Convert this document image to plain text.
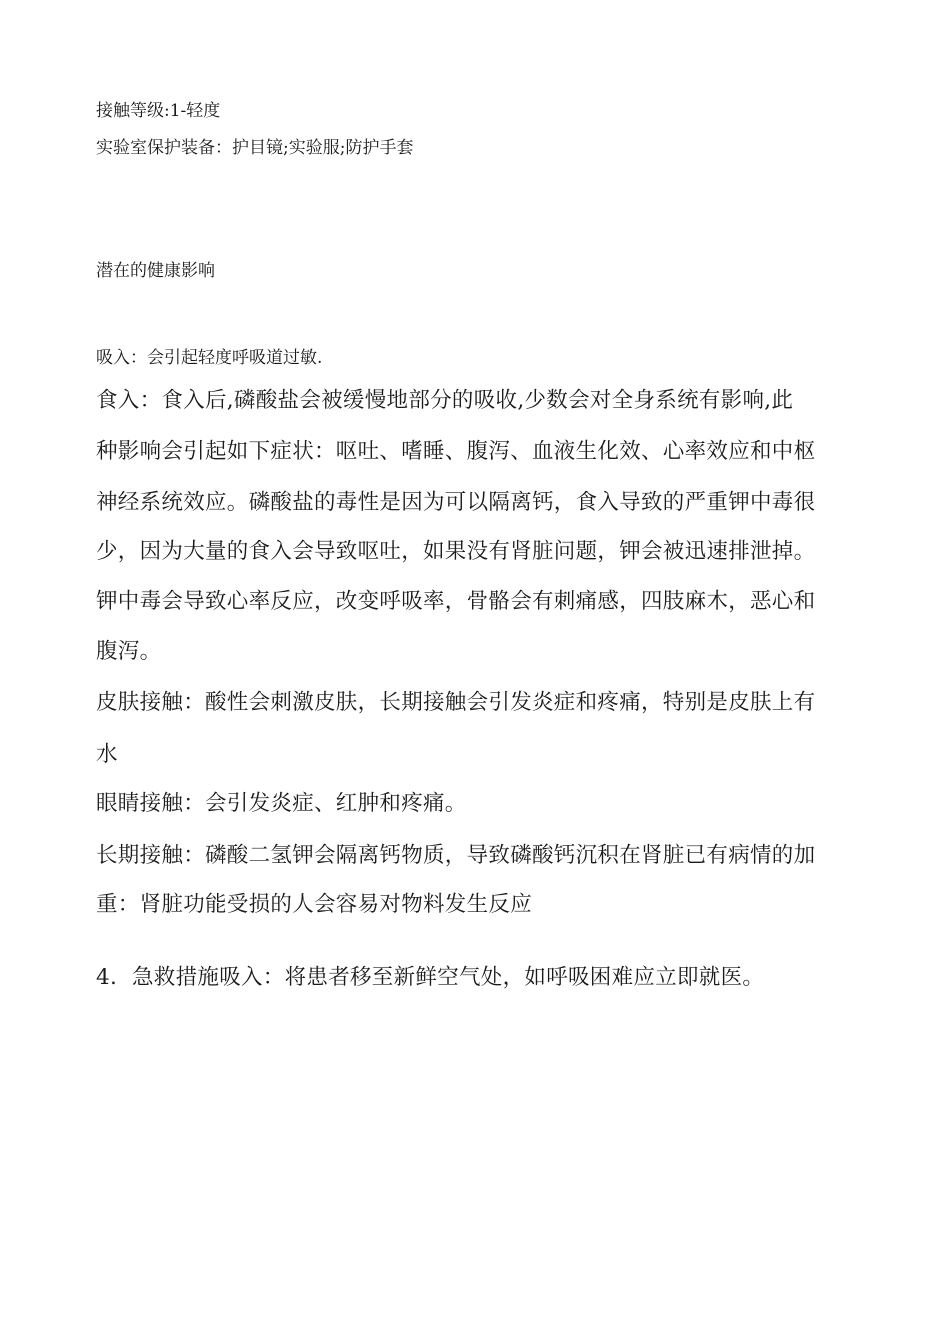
接触等级:1-轻度
实验室保护装备：护目镜;实验服;防护手套
潜在的健康影响
吸入：会引起轻度呼吸道过敏.
食入：食入后,磷酸盐会被缓慢地部分的吸收,少数会对全身系统有影响,此
种影响会引起如下症状：呕吐、嗜睡、腹泻、血液生化效、心率效应和中枢
神经系统效应。磷酸盐的毒性是因为可以隔离钙，食入导致的严重钾中毒很
少，因为大量的食入会导致呕吐，如果没有肾脏问题，钾会被迅速排泄掉。
钾中毒会导致心率反应，改变呼吸率，骨骼会有刺痛感，四肢麻木，恶心和
腹泻。
皮肤接触：酸性会刺激皮肤，长期接触会引发炎症和疼痛，特别是皮肤上有
水
眼睛接触：会引发炎症、红肿和疼痛。
长期接触：磷酸二氢钾会隔离钙物质，导致磷酸钙沉积在肾脏已有病情的加
重：肾脏功能受损的人会容易对物料发生反应
4. 急救措施吸入：将患者移至新鲜空气处，如呼吸困难应立即就医。
